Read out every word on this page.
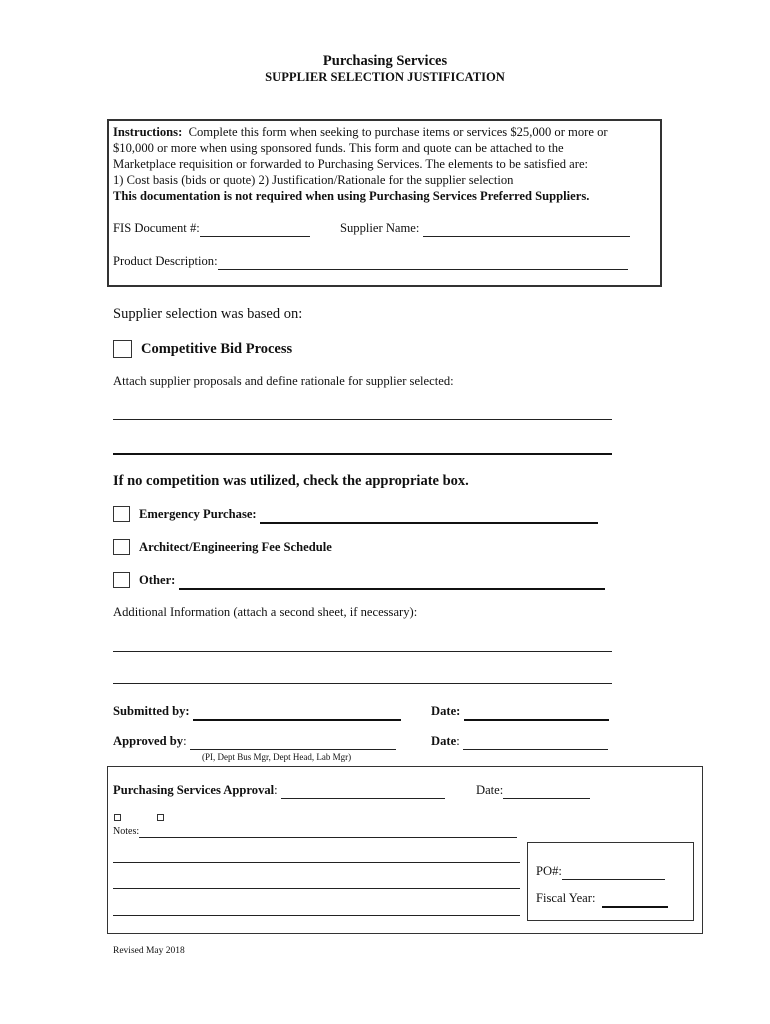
Purchasing Services
SUPPLIER SELECTION JUSTIFICATION
Instructions: Complete this form when seeking to purchase items or services $25,000 or more or
$10,000 or more when using sponsored funds. This form and quote can be attached to the
Marketplace requisition or forwarded to Purchasing Services. The elements to be satisfied are:
1) Cost basis (bids or quote) 2) Justification/Rationale for the supplier selection
This documentation is not required when using Purchasing Services Preferred Suppliers.
FIS Document #:	Supplier Name:
Product Description:
Supplier selection was based on:
Competitive Bid Process
Attach supplier proposals and define rationale for supplier selected:
If no competition was utilized, check the appropriate box.
Emergency Purchase:
Architect/Engineering Fee Schedule
Other:
Additional Information (attach a second sheet, if necessary):
Submitted by:	Date:
Approved by:	Date:
(PI, Dept Bus Mgr, Dept Head, Lab Mgr)
Purchasing Services Approval:	Date:
Notes:
PO#:
Fiscal Year:
Revised May 2018
